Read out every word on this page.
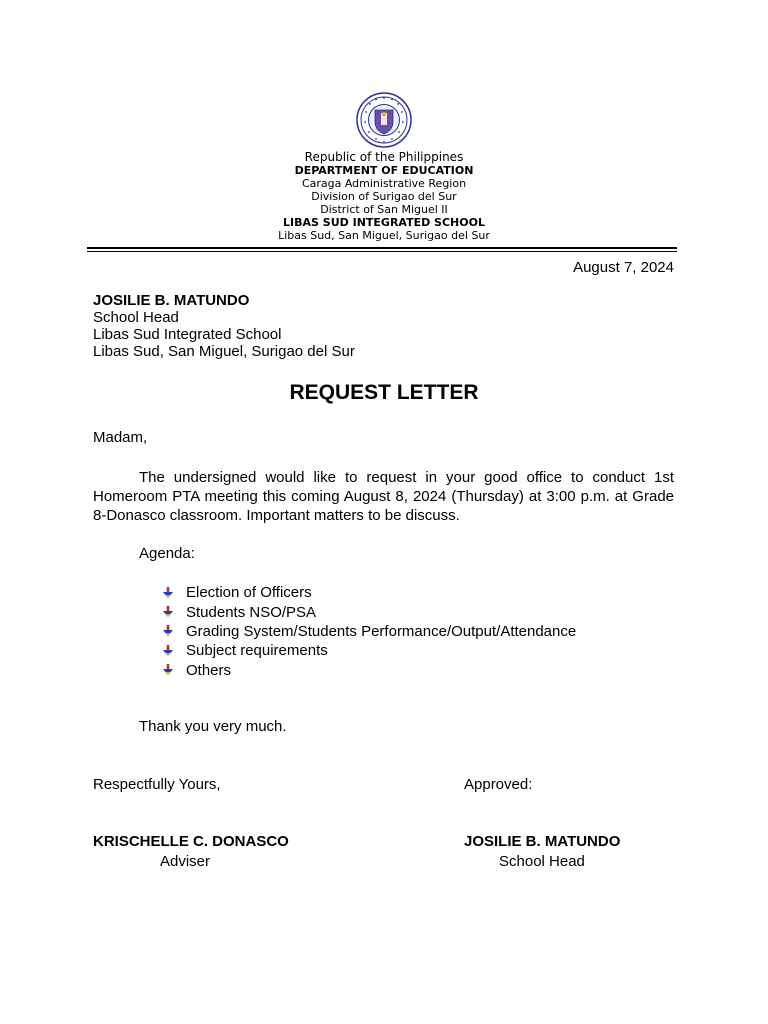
Republic of the Philippines
DEPARTMENT OF EDUCATION
Caraga Administrative Region
Division of Surigao del Sur
District of San Miguel II
LIBAS SUD INTEGRATED SCHOOL
Libas Sud, San Miguel, Surigao del Sur
August 7, 2024
JOSILIE B. MATUNDO
School Head
Libas Sud Integrated School
Libas Sud, San Miguel, Surigao del Sur
REQUEST LETTER
Madam,
The undersigned would like to request in your good office to conduct 1st Homeroom PTA meeting this coming August 8, 2024 (Thursday) at 3:00 p.m. at Grade 8-Donasco classroom. Important matters to be discuss.
Agenda:
Election of Officers
Students NSO/PSA
Grading System/Students Performance/Output/Attendance
Subject requirements
Others
Thank you very much.
Respectfully Yours,	Approved:
KRISCHELLE C. DONASCO
Adviser
JOSILIE B. MATUNDO
School Head
